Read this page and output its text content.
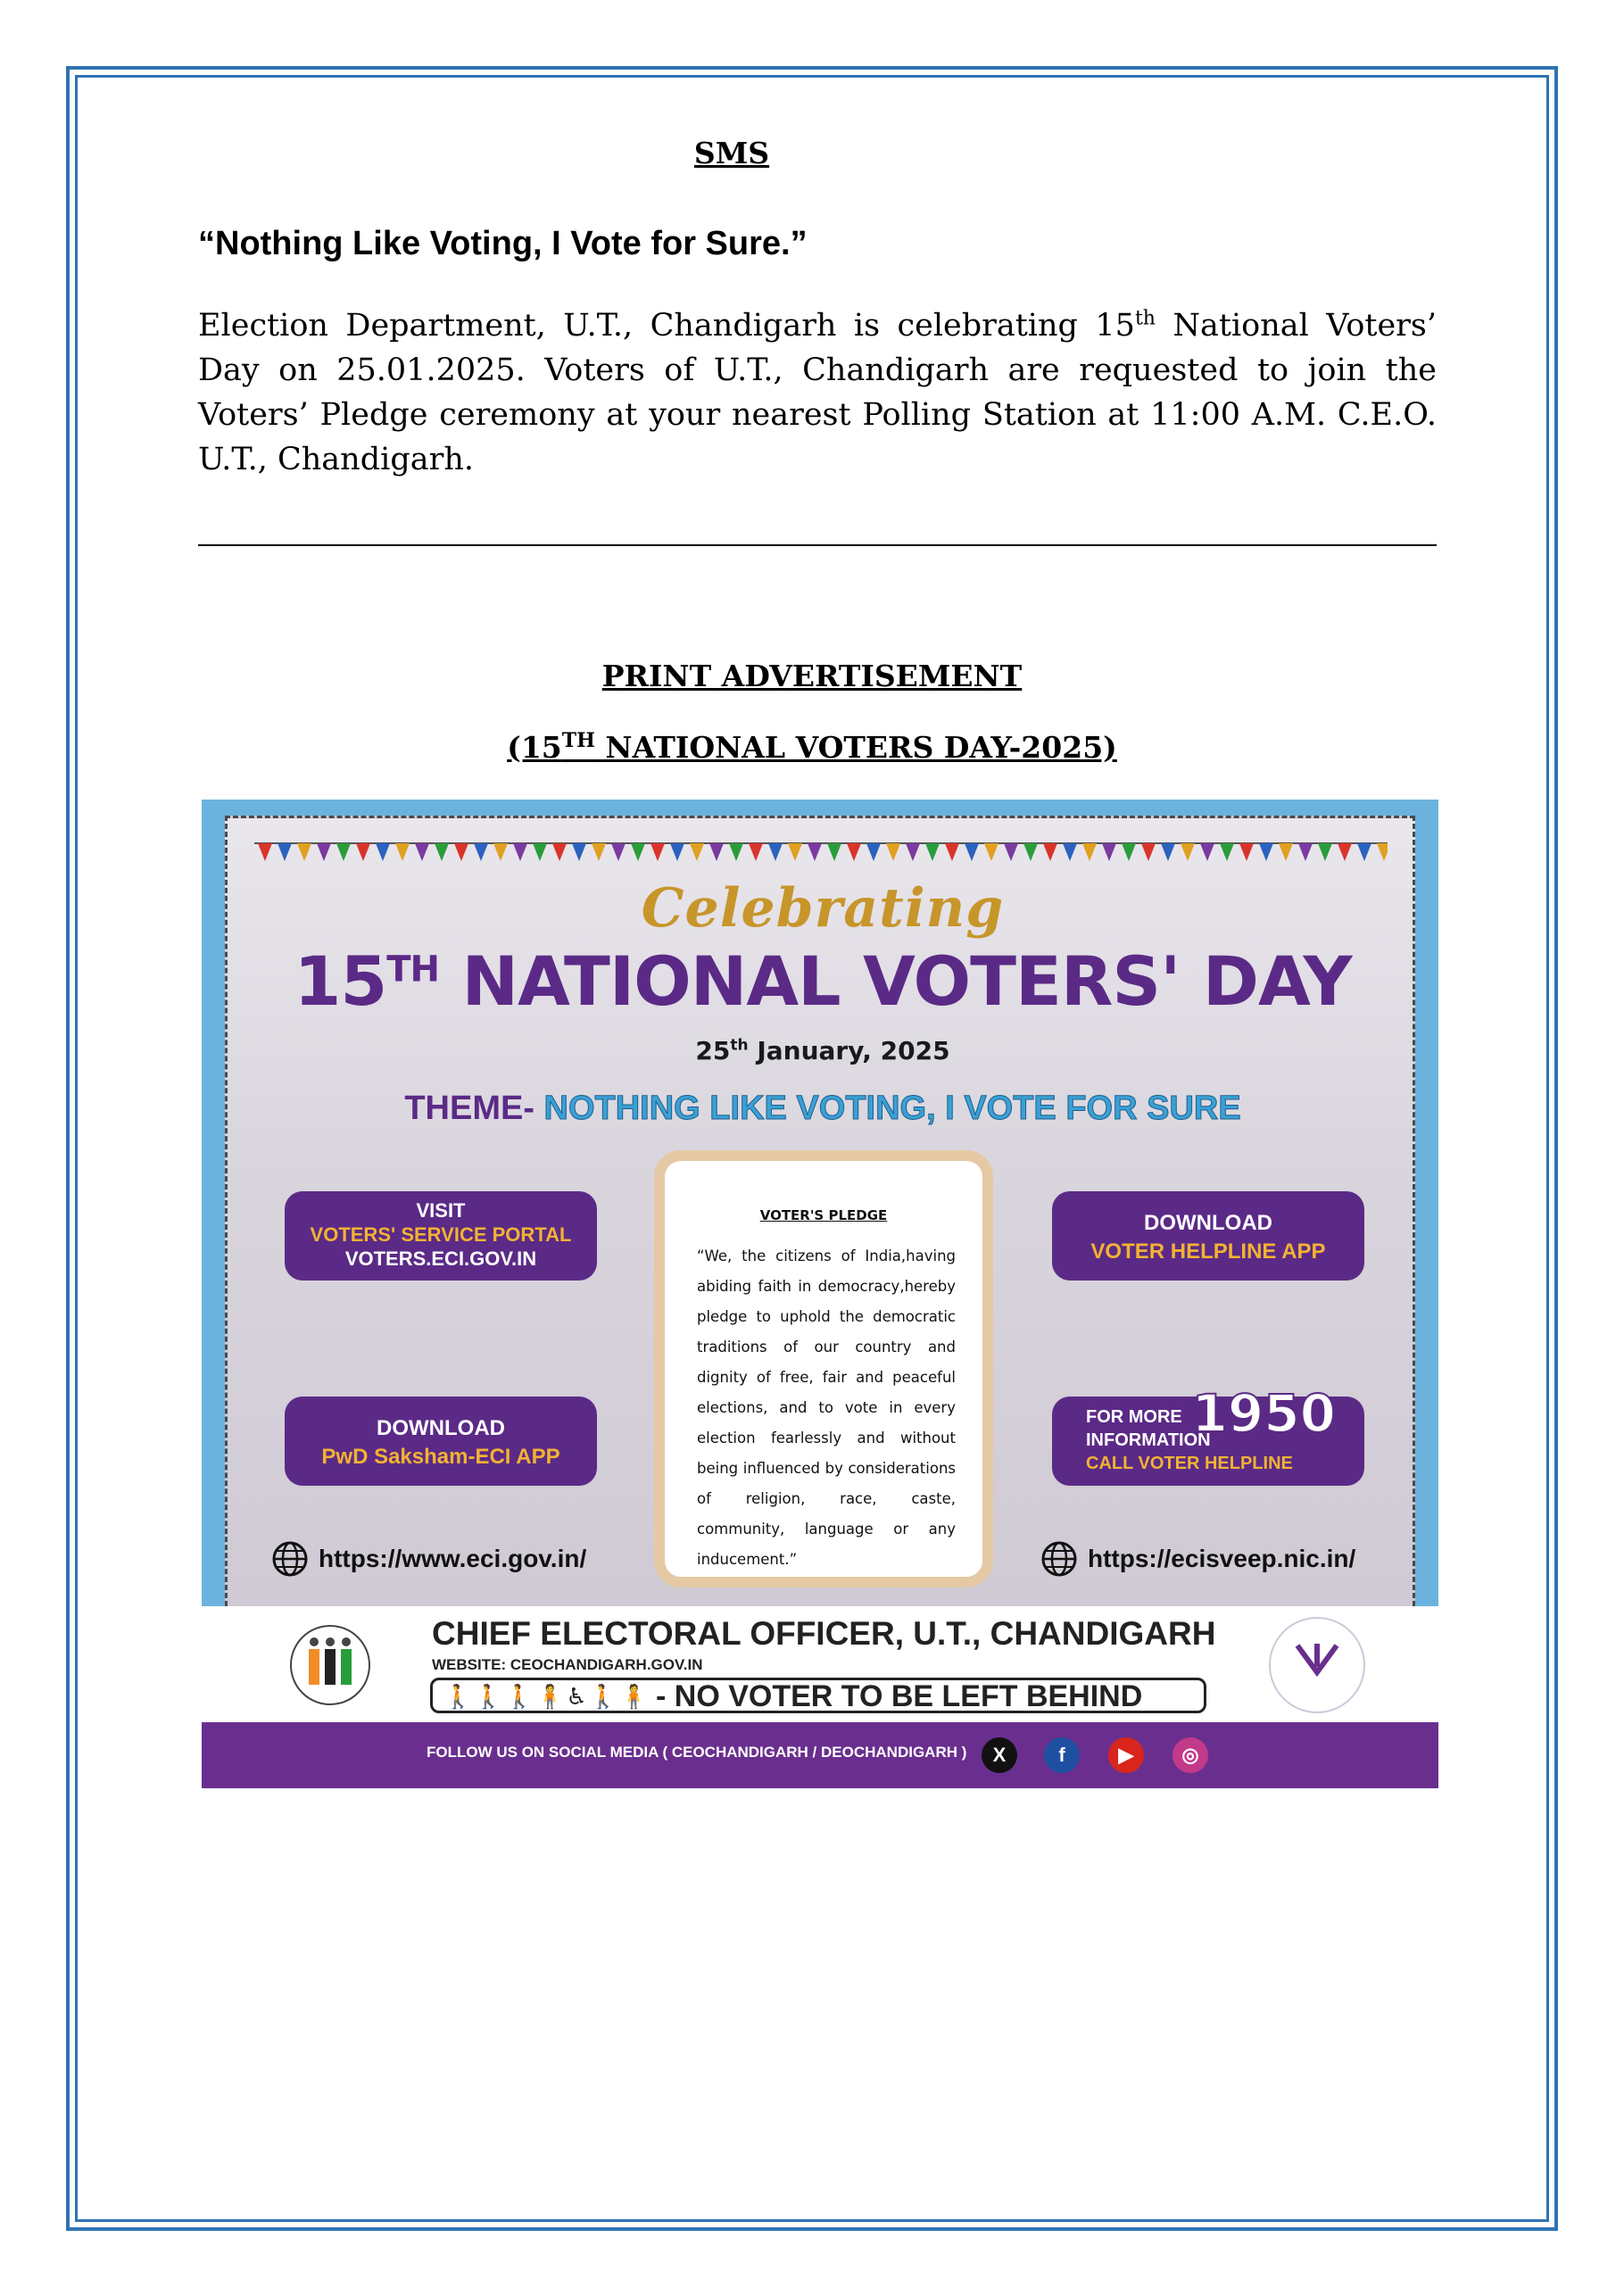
SMS
“Nothing Like Voting, I Vote for Sure.”
Election Department, U.T., Chandigarh is celebrating 15th National Voters’ Day on 25.01.2025. Voters of U.T., Chandigarh are requested to join the Voters’ Pledge ceremony at your nearest Polling Station at 11:00 A.M. C.E.O. U.T., Chandigarh.
PRINT ADVERTISEMENT
(15TH NATIONAL VOTERS DAY-2025)
Celebrating
15TH NATIONAL VOTERS' DAY
25th January, 2025
THEME- NOTHING LIKE VOTING, I VOTE FOR SURE
VOTER'S PLEDGE
“We, the citizens of India,having abiding faith in democracy,hereby pledge to uphold the democratic traditions of our country and dignity of free, fair and peaceful elections, and to vote in every election fearlessly and without being influenced by considerations of religion, race, caste, community, language or any inducement.”
VISIT
VOTERS' SERVICE PORTAL
VOTERS.ECI.GOV.IN
DOWNLOAD
VOTER HELPLINE APP
DOWNLOAD
PwD Saksham-ECI APP
FOR MORE
INFORMATION
1950
CALL VOTER HELPLINE
https://www.eci.gov.in/	https://ecisveep.nic.in/
CHIEF ELECTORAL OFFICER, U.T., CHANDIGARH
WEBSITE: CEOCHANDIGARH.GOV.IN
🚶🚶🚶🧍♿🚶🧍 - NO VOTER TO BE LEFT BEHIND
FOLLOW US ON SOCIAL MEDIA ( CEOCHANDIGARH / DEOCHANDIGARH )	X	f	▶	◎
